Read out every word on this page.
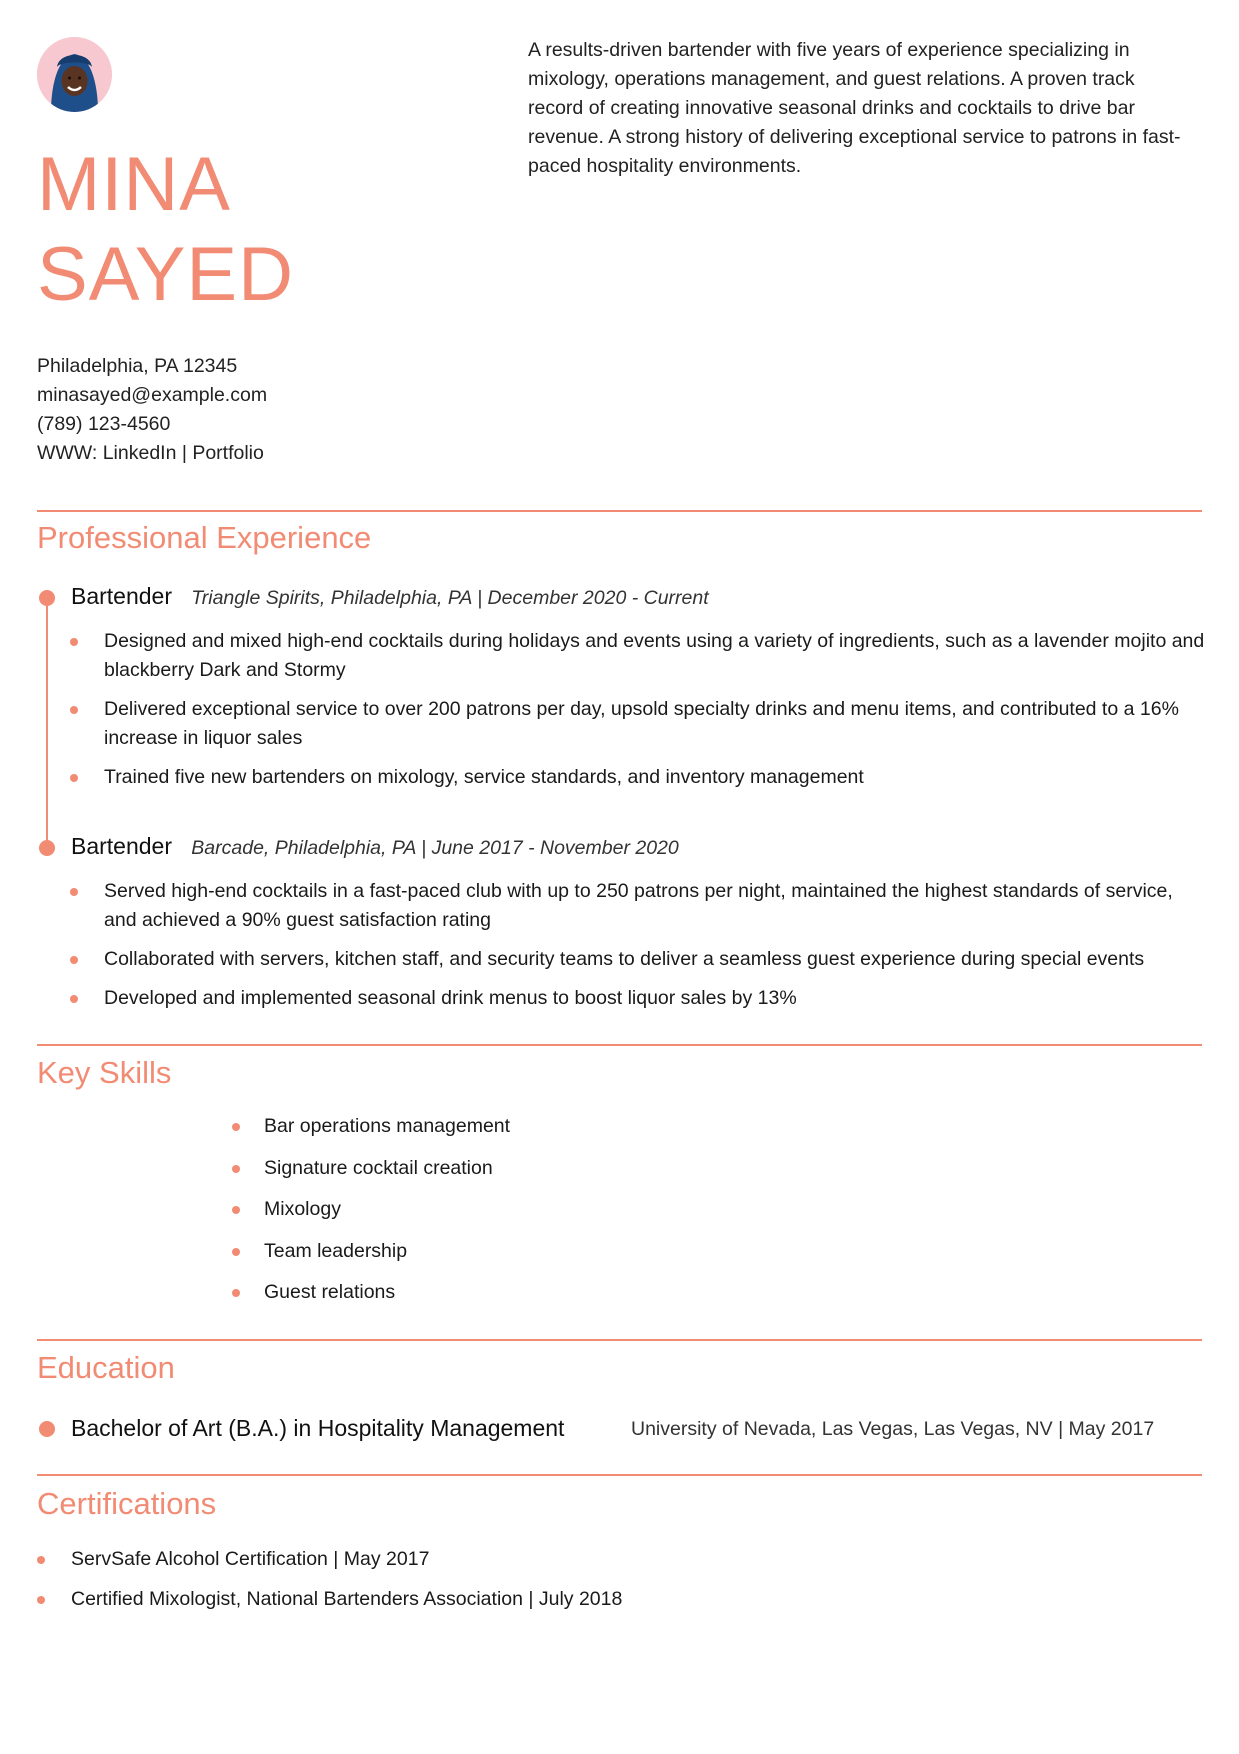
MINA
SAYED

A results-driven bartender with five years of experience specializing in mixology, operations management, and guest relations. A proven track record of creating innovative seasonal drinks and cocktails to drive bar revenue. A strong history of delivering exceptional service to patrons in fast-paced hospitality environments.

Philadelphia, PA 12345
minasayed@example.com
(789) 123-4560
WWW: LinkedIn | Portfolio
Professional Experience
Bartender Triangle Spirits, Philadelphia, PA | December 2020 - Current
Designed and mixed high-end cocktails during holidays and events using a variety of ingredients, such as a lavender mojito and blackberry Dark and Stormy
Delivered exceptional service to over 200 patrons per day, upsold specialty drinks and menu items, and contributed to a 16% increase in liquor sales
Trained five new bartenders on mixology, service standards, and inventory management
Bartender Barcade, Philadelphia, PA | June 2017 - November 2020
Served high-end cocktails in a fast-paced club with up to 250 patrons per night, maintained the highest standards of service, and achieved a 90% guest satisfaction rating
Collaborated with servers, kitchen staff, and security teams to deliver a seamless guest experience during special events
Developed and implemented seasonal drink menus to boost liquor sales by 13%
Key Skills
Bar operations management
Signature cocktail creation
Mixology
Team leadership
Guest relations
Education
Bachelor of Art (B.A.) in Hospitality Management	University of Nevada, Las Vegas, Las Vegas, NV | May 2017
Certifications
ServSafe Alcohol Certification | May 2017
Certified Mixologist, National Bartenders Association | July 2018
